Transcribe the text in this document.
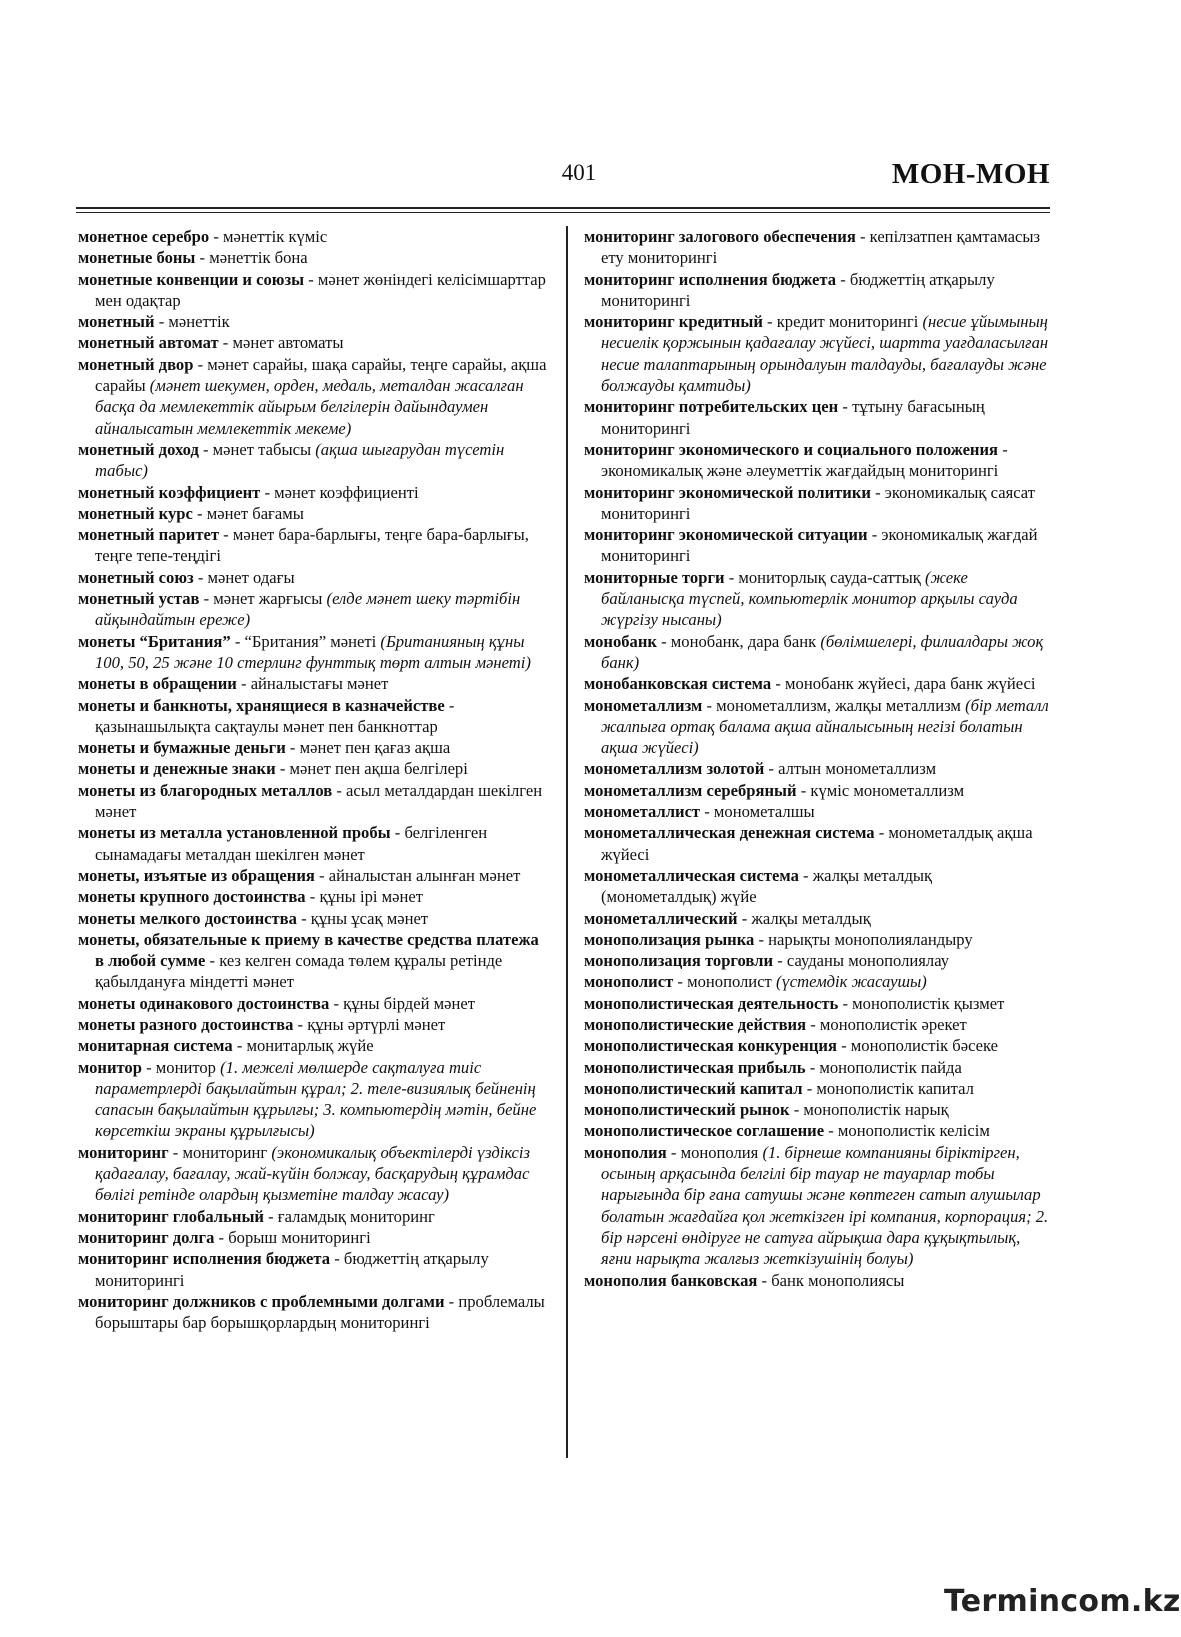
401	МОН-МОН

монетное серебро - мәнеттік күміс

монетные боны - мәнеттік бона

монетные конвенции и союзы - мәнет жөніндегі келісімшарттар мен одақтар

монетный - мәнеттік

монетный автомат - мәнет автоматы

монетный двор - мәнет сарайы, шақа сарайы, теңге сарайы, ақша сарайы (мәнет шекумен, орден, медаль, металдан жасалған басқа да мемлекеттік айырым белгілерін дайындаумен айналысатын мемлекеттік мекеме)

монетный доход - мәнет табысы (ақша шығарудан түсетін табыс)

монетный коэффициент - мәнет коэффициенті

монетный курс - мәнет бағамы

монетный паритет - мәнет бара-барлығы, теңге бара-барлығы, теңге тепе-теңдігі

монетный союз - мәнет одағы

монетный устав - мәнет жарғысы (елде мәнет шеку тәртібін айқындайтын ереже)

монеты “Британия” - “Британия” мәнеті (Британияның құны 100, 50, 25 және 10 стерлинг фунттық төрт алтын мәнеті)

монеты в обращении - айналыстағы мәнет

монеты и банкноты, хранящиеся в казначействе - қазынашылықта сақтаулы мәнет пен банкноттар

монеты и бумажные деньги - мәнет пен қағаз ақша

монеты и денежные знаки - мәнет пен ақша белгілері

монеты из благородных металлов - асыл металдардан шекілген мәнет

монеты из металла установленной пробы - белгіленген сынамадағы металдан шекілген мәнет

монеты, изъятые из обращения - айналыстан алынған мәнет

монеты крупного достоинства - құны ірі мәнет

монеты мелкого достоинства - құны ұсақ мәнет

монеты, обязательные к приему в качестве средства платежа в любой сумме - кез келген сомада төлем құралы ретінде қабылдануға міндетті мәнет

монеты одинакового достоинства - құны бірдей мәнет

монеты разного достоинства - құны әртүрлі мәнет

монитарная система - монитарлық жүйе

монитор - монитор (1. межелі мөлшерде сақталуға тиіс параметрлерді бақылайтын құрал; 2. теле-визиялық бейненің сапасын бақылайтын құрылғы; 3. компьютердің мәтін, бейне көрсеткіш экраны құрылғысы)

мониторинг - мониторинг (экономикалық объектілерді үздіксіз қадағалау, бағалау, жай-күйін болжау, басқарудың құрамдас бөлігі ретінде олардың қызметіне талдау жасау)

мониторинг глобальный - ғаламдық мониторинг

мониторинг долга - борыш мониторингі

мониторинг исполнения бюджета - бюджеттің атқарылу мониторингі

мониторинг должников с проблемными долгами - проблемалы борыштары бар борышқорлардың мониторингі

мониторинг залогового обеспечения - кепілзатпен қамтамасыз ету мониторингі

мониторинг исполнения бюджета - бюджеттің атқарылу мониторингі

мониторинг кредитный - кредит мониторингі (несие ұйымының несиелік қоржынын қадағалау жүйесі, шартта уағдаласылған несие талаптарының орындалуын талдауды, бағалауды және болжауды қамтиды)

мониторинг потребительских цен - тұтыну бағасының мониторингі

мониторинг экономического и социального положения - экономикалық және әлеуметтік жағдайдың мониторингі

мониторинг экономической политики - экономикалық саясат мониторингі

мониторинг экономической ситуации - экономикалық жағдай мониторингі

мониторные торги - мониторлық сауда-саттық (жеке байланысқа түспей, компьютерлік монитор арқылы сауда жүргізу нысаны)

монобанк - монобанк, дара банк (бөлімшелері, филиалдары жоқ банк)

монобанковская система - монобанк жүйесі, дара банк жүйесі

монометаллизм - монометаллизм, жалқы металлизм (бір металл жалпыға ортақ балама ақша айналысының негізі болатын ақша жүйесі)

монометаллизм золотой - алтын монометаллизм

монометаллизм серебряный - күміс монометаллизм

монометаллист - монометалшы

монометаллическая денежная система - монометалдық ақша жүйесі

монометаллическая система - жалқы металдық (монометалдық) жүйе

монометаллический - жалқы металдық

монополизация рынка - нарықты монополияландыру

монополизация торговли - сауданы монополиялау

монополист - монополист (үстемдік жасаушы)

монополистическая деятельность - монополистік қызмет

монополистические действия - монополистік әрекет

монополистическая конкуренция - монополистік бәсеке

монополистическая прибыль - монополистік пайда

монополистический капитал - монополистік капитал

монополистический рынок - монополистік нарық

монополистическое соглашение - монополистік келісім

монополия - монополия (1. бірнеше компанияны біріктірген, осының арқасында белгілі бір тауар не тауарлар тобы нарығында бір ғана сатушы және көптеген сатып алушылар болатын жағдайға қол жеткізген ірі компания, корпорация; 2. бір нәрсені өндіруге не сатуға айрықша дара құқықтылық, яғни нарықта жалғыз жеткізушінің болуы)

монополия банковская - банк монополиясы

Termincom.kz
